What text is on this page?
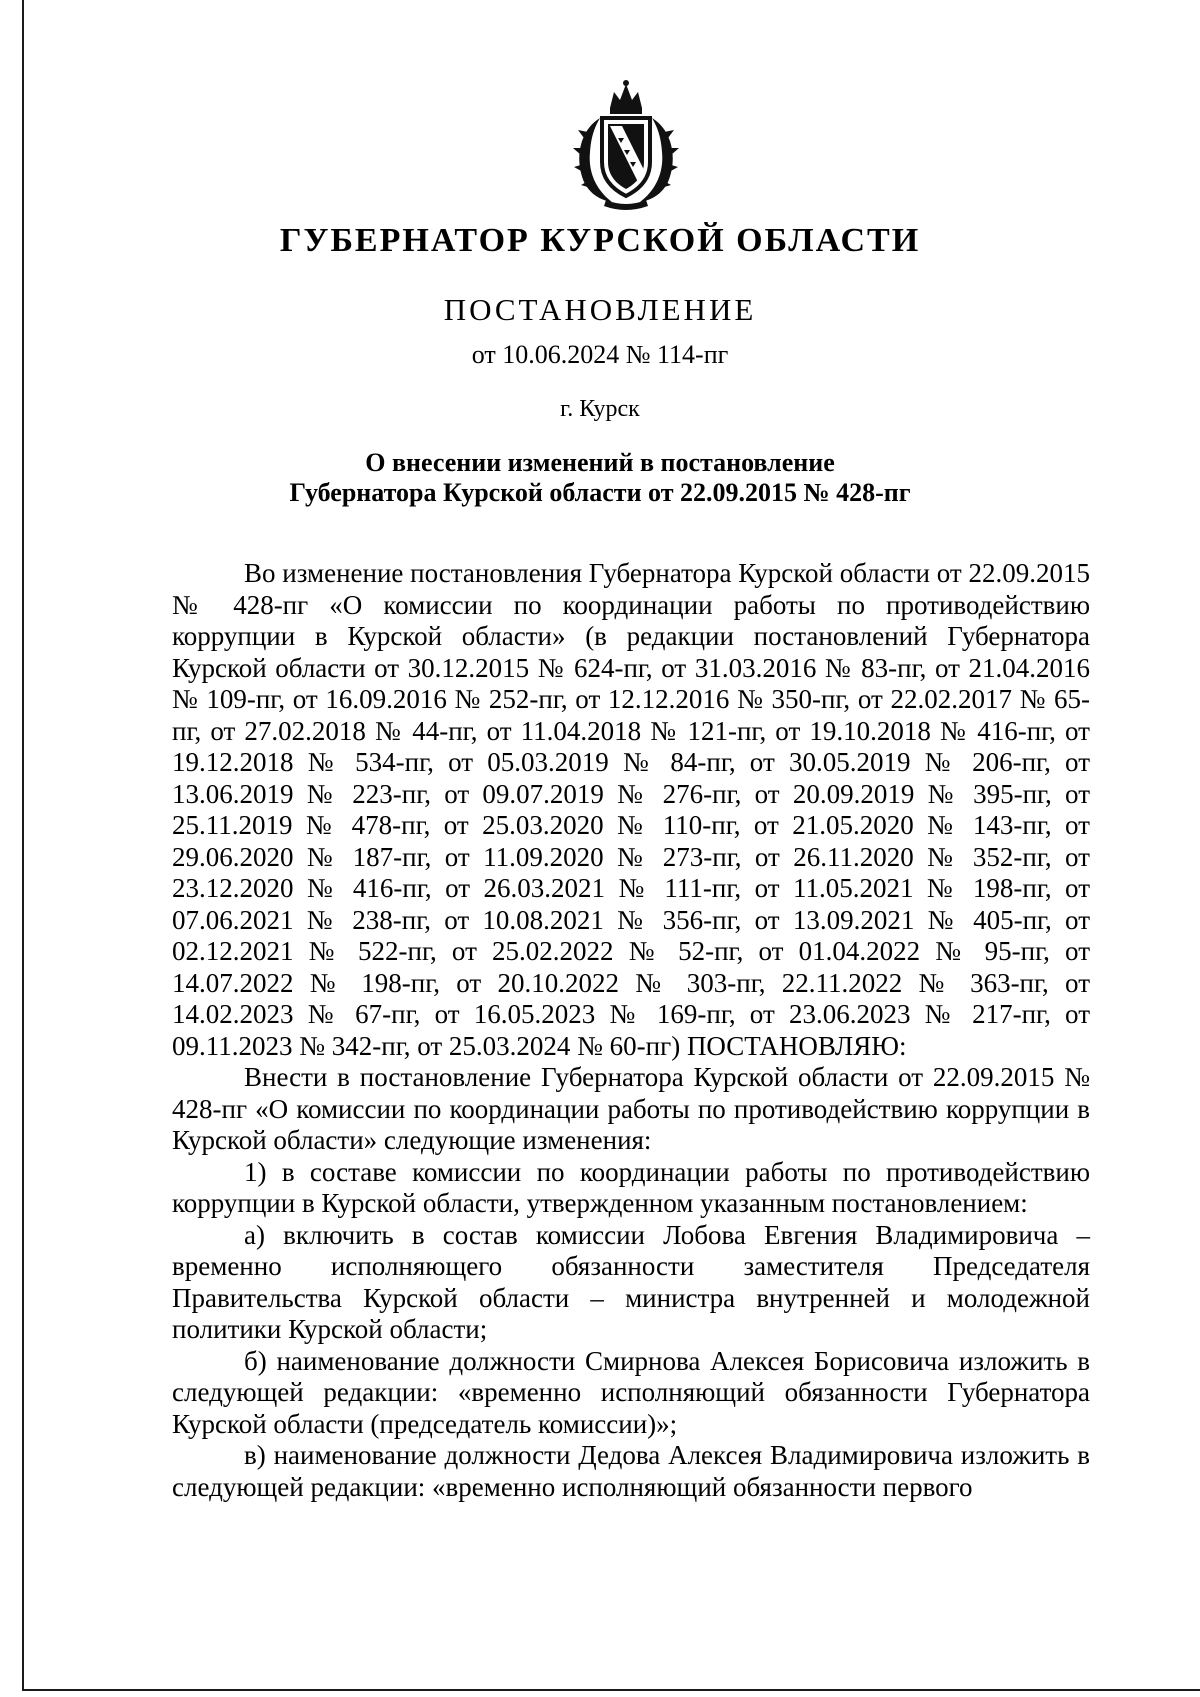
ГУБЕРНАТОР КУРСКОЙ ОБЛАСТИ
ПОСТАНОВЛЕНИЕ
от 10.06.2024 № 114-пг
г. Курск
О внесении изменений в постановление
Губернатора Курской области от 22.09.2015 № 428-пг

Во изменение постановления Губернатора Курской области от 22.09.2015 № 428-пг «О комиссии по координации работы по противодействию коррупции в Курской области» (в редакции постановлений Губернатора Курской области от 30.12.2015 № 624-пг, от 31.03.2016 № 83-пг, от 21.04.2016 № 109-пг, от 16.09.2016 № 252-пг, от 12.12.2016 № 350-пг, от 22.02.2017 № 65-пг, от 27.02.2018 № 44-пг, от 11.04.2018 № 121-пг, от 19.10.2018 № 416-пг, от 19.12.2018 № 534-пг, от 05.03.2019 № 84-пг, от 30.05.2019 № 206-пг, от 13.06.2019 № 223-пг, от 09.07.2019 № 276-пг, от 20.09.2019 № 395-пг, от 25.11.2019 № 478-пг, от 25.03.2020 № 110-пг, от 21.05.2020 № 143-пг, от 29.06.2020 № 187-пг, от 11.09.2020 № 273-пг, от 26.11.2020 № 352-пг, от 23.12.2020 № 416-пг, от 26.03.2021 № 111-пг, от 11.05.2021 № 198-пг, от 07.06.2021 № 238-пг, от 10.08.2021 № 356-пг, от 13.09.2021 № 405-пг, от 02.12.2021 № 522-пг, от 25.02.2022 № 52-пг, от 01.04.2022 № 95-пг, от 14.07.2022 № 198-пг, от 20.10.2022 № 303-пг, 22.11.2022 № 363-пг, от 14.02.2023 № 67-пг, от 16.05.2023 № 169-пг, от 23.06.2023 № 217-пг, от 09.11.2023 № 342-пг, от 25.03.2024 № 60-пг) ПОСТАНОВЛЯЮ:

Внести в постановление Губернатора Курской области от 22.09.2015 № 428-пг «О комиссии по координации работы по противодействию коррупции в Курской области» следующие изменения:

1) в составе комиссии по координации работы по противодействию коррупции в Курской области, утвержденном указанным постановлением:

а) включить в состав комиссии Лобова Евгения Владимировича – временно исполняющего обязанности заместителя Председателя Правительства Курской области – министра внутренней и молодежной политики Курской области;

б) наименование должности Смирнова Алексея Борисовича изложить в следующей редакции: «временно исполняющий обязанности Губернатора Курской области (председатель комиссии)»;

в) наименование должности Дедова Алексея Владимировича изложить в следующей редакции: «временно исполняющий обязанности первого
